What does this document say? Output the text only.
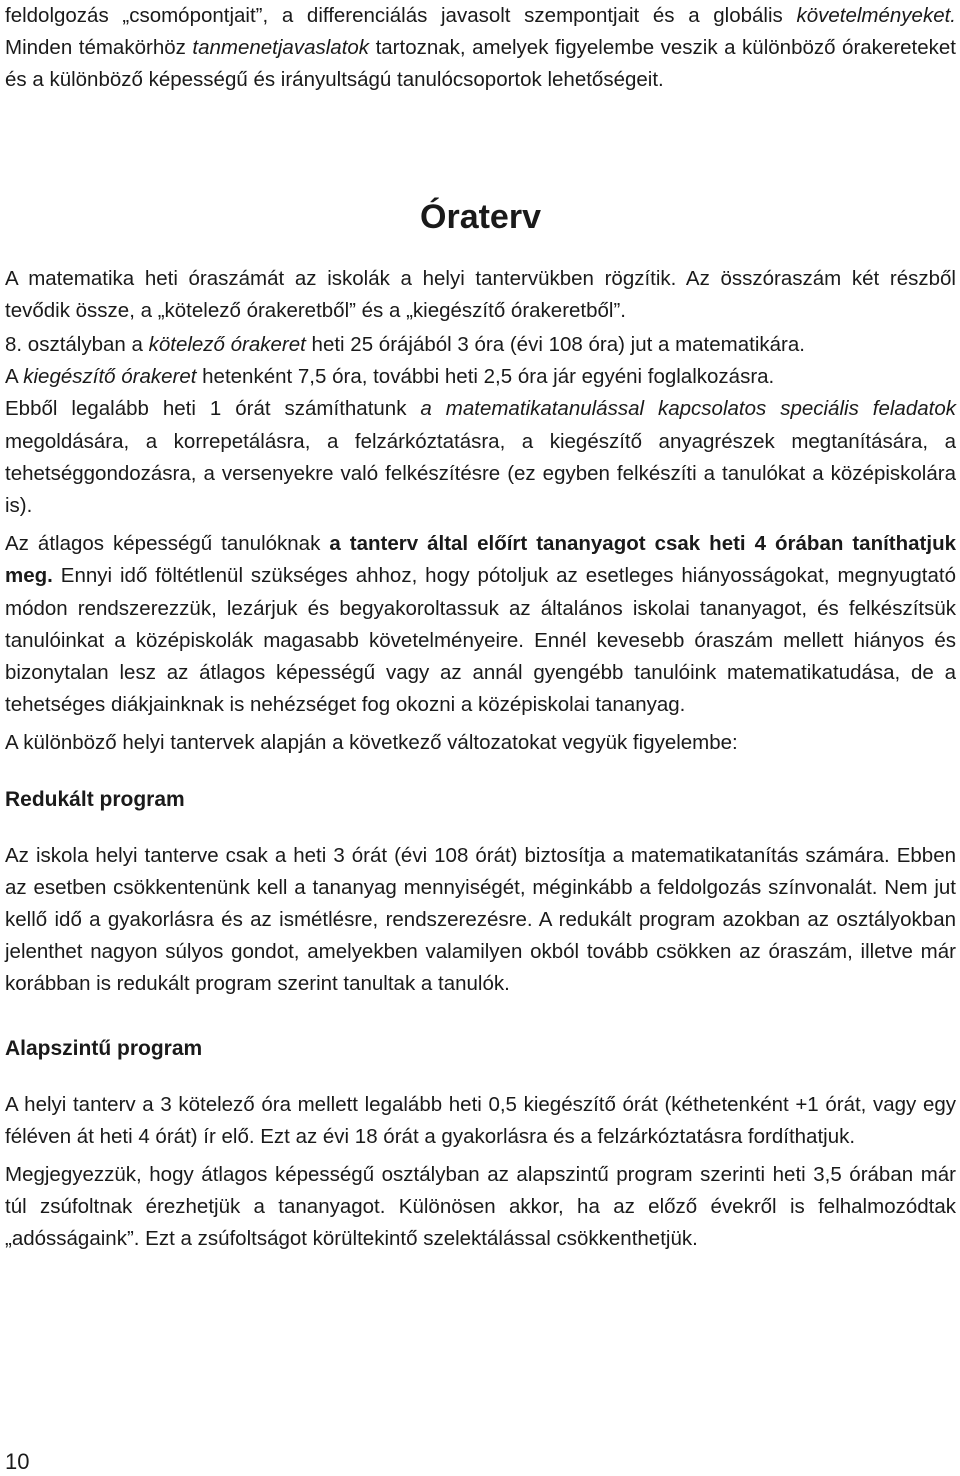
feldolgozás „csomópontjait”, a differenciálás javasolt szempontjait és a globális követelményeket. Minden témakörhöz tanmenetjavaslatok tartoznak, amelyek figyelembe veszik a különböző órakereteket és a különböző képességű és irányultságú tanulócsoportok lehetőségeit.

Óraterv

A matematika heti óraszámát az iskolák a helyi tantervükben rögzítik. Az összóraszám két részből tevődik össze, a „kötelező órakeretből” és a „kiegészítő órakeretből”.

8. osztályban a kötelező órakeret heti 25 órájából 3 óra (évi 108 óra) jut a matematikára.

A kiegészítő órakeret hetenként 7,5 óra, további heti 2,5 óra jár egyéni foglalkozásra.

Ebből legalább heti 1 órát számíthatunk a matematikatanulással kapcsolatos speciális feladatok megoldására, a korrepetálásra, a felzárkóztatásra, a kiegészítő anyagrészek megtanítására, a tehetséggondozásra, a versenyekre való felkészítésre (ez egyben felkészíti a tanulókat a középiskolára is).

Az átlagos képességű tanulóknak a tanterv által előírt tananyagot csak heti 4 órában taníthatjuk meg. Ennyi idő föltétlenül szükséges ahhoz, hogy pótoljuk az esetleges hiányosságokat, megnyugtató módon rendszerezzük, lezárjuk és begyakoroltassuk az általános iskolai tananyagot, és felkészítsük tanulóinkat a középiskolák magasabb követelményeire. Ennél kevesebb óraszám mellett hiányos és bizonytalan lesz az átlagos képességű vagy az annál gyengébb tanulóink matematikatudása, de a tehetséges diákjainknak is nehézséget fog okozni a középiskolai tananyag.

A különböző helyi tantervek alapján a következő változatokat vegyük figyelembe:

Redukált program

Az iskola helyi tanterve csak a heti 3 órát (évi 108 órát) biztosítja a matematikatanítás számára. Ebben az esetben csökkentenünk kell a tananyag mennyiségét, méginkább a feldolgozás színvonalát. Nem jut kellő idő a gyakorlásra és az ismétlésre, rendszerezésre. A redukált program azokban az osztályokban jelenthet nagyon súlyos gondot, amelyekben valamilyen okból tovább csökken az óraszám, illetve már korábban is redukált program szerint tanultak a tanulók.

Alapszintű program

A helyi tanterv a 3 kötelező óra mellett legalább heti 0,5 kiegészítő órát (kéthetenként +1 órát, vagy egy féléven át heti 4 órát) ír elő. Ezt az évi 18 órát a gyakorlásra és a felzárkóztatásra fordíthatjuk.

Megjegyezzük, hogy átlagos képességű osztályban az alapszintű program szerinti heti 3,5 órában már túl zsúfoltnak érezhetjük a tananyagot. Különösen akkor, ha az előző évekről is felhalmozódtak „adósságaink”. Ezt a zsúfoltságot körültekintő szelektálással csökkenthetjük.

10
